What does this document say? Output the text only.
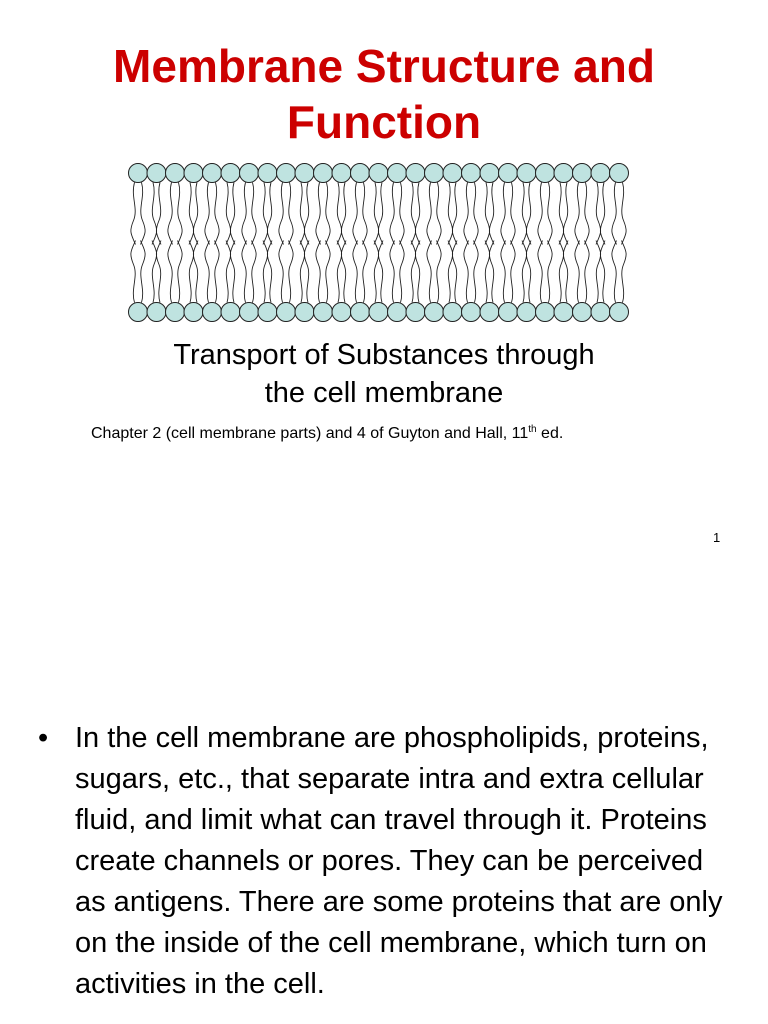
Membrane Structure and
Function
Transport of Substances through
the cell membrane
Chapter 2 (cell membrane parts) and 4 of Guyton and Hall, 11th ed.
1
• In the cell membrane are phospholipids, proteins, sugars, etc., that separate intra and extra cellular fluid, and limit what can travel through it. Proteins create channels or pores. They can be perceived as antigens. There are some proteins that are only on the inside of the cell membrane, which turn on activities in the cell.
